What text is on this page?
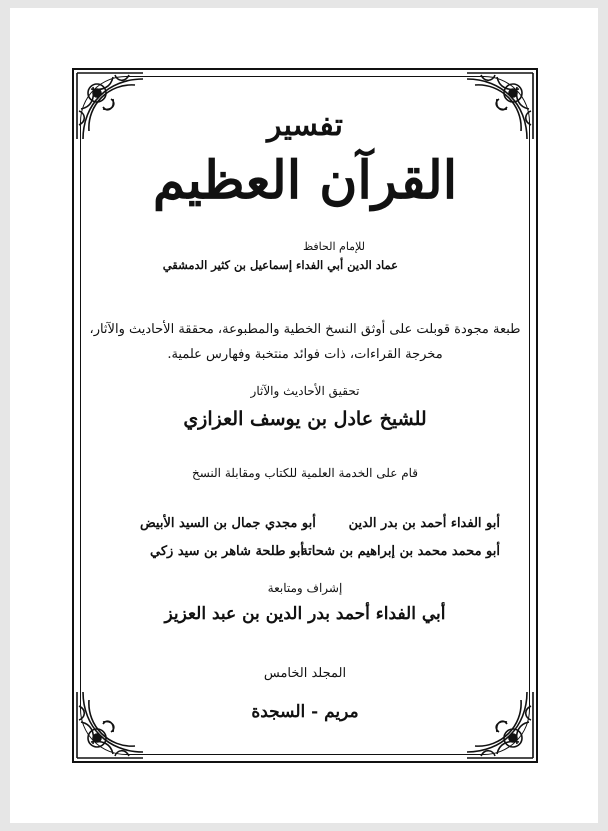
تفسير
القرآن العظيم
للإمام الحافظ
عماد الدين أبي الفداء إسماعيل بن كثير الدمشقي
طبعة مجودة قوبلت على أوثق النسخ الخطية والمطبوعة، محققة الأحاديث والآثار،
مخرجة القراءات، ذات فوائد منتخبة وفهارس علمية.
تحقيق الأحاديث والآثار
للشيخ عادل بن يوسف العزازي
قام على الخدمة العلمية للكتاب ومقابلة النسخ
أبو الفداء أحمد بن بدر الدين
أبو مجدي جمال بن السيد الأبيض
أبو محمد محمد بن إبراهيم بن شحاتة
أبو طلحة شاهر بن سيد زكي
إشراف ومتابعة
أبي الفداء أحمد بدر الدين بن عبد العزيز
المجلد الخامس
مريم - السجدة
